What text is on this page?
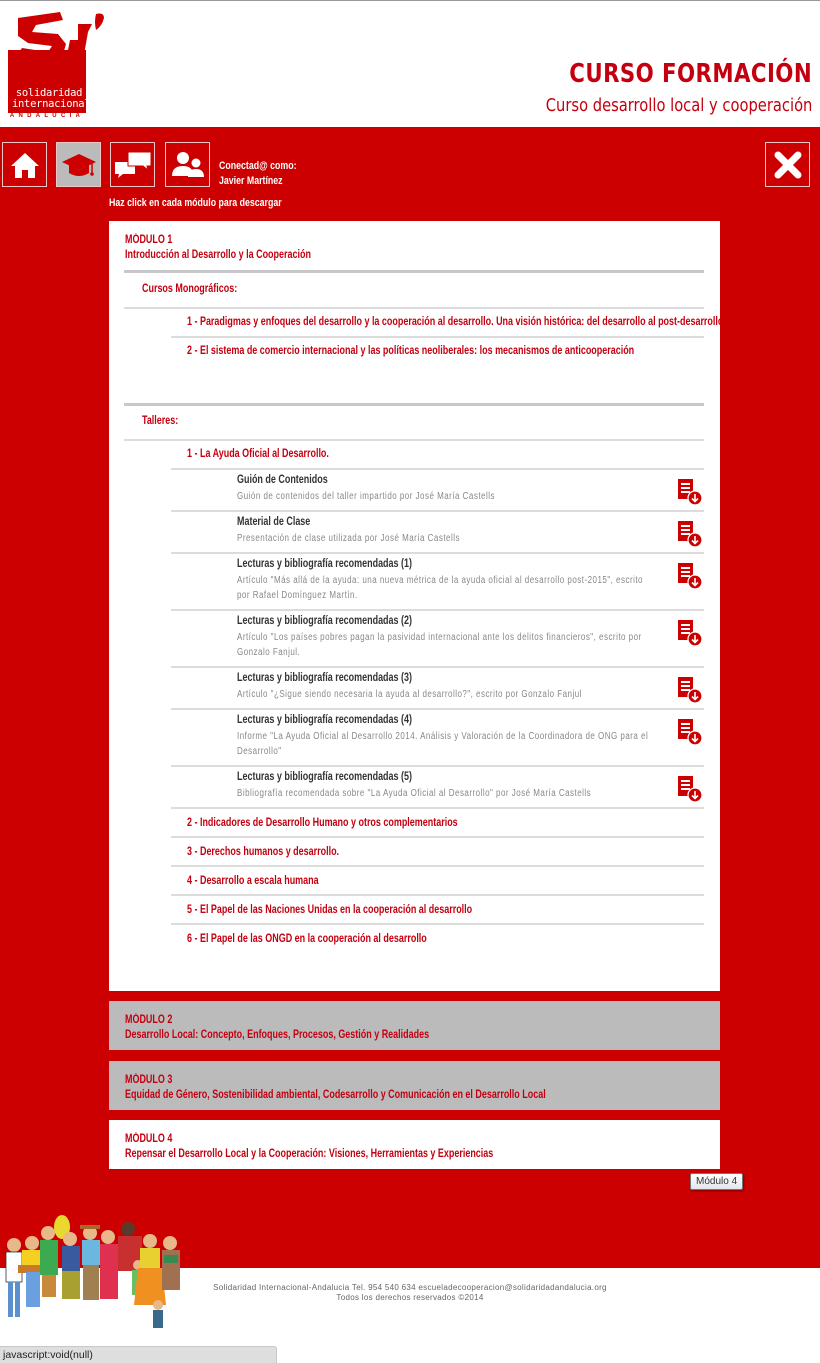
solidaridad
internacional
ANDALUCÍA
CURSO FORMACIÓN
Curso desarrollo local y cooperación
Conectad@ como:
Javier Martínez
Haz click en cada módulo para descargar
MÓDULO 1
Introducción al Desarrollo y la Cooperación
Cursos Monográficos:
1 - Paradigmas y enfoques del desarrollo y la cooperación al desarrollo. Una visión histórica: del desarrollo al post-desarrollo
2 - El sistema de comercio internacional y las políticas neoliberales: los mecanismos de anticooperación
Talleres:
1 - La Ayuda Oficial al Desarrollo.
Guión de Contenidos
Guión de contenidos del taller impartido por José María Castells
Material de Clase
Presentación de clase utilizada por José María Castells
Lecturas y bibliografía recomendadas (1)
Artículo "Más allá de la ayuda: una nueva métrica de la ayuda oficial al desarrollo post-2015", escrito por Rafael Domínguez Martín.
Lecturas y bibliografía recomendadas (2)
Artículo "Los países pobres pagan la pasividad internacional ante los delitos financieros", escrito por Gonzalo Fanjul.
Lecturas y bibliografía recomendadas (3)
Artículo "¿Sigue siendo necesaria la ayuda al desarrollo?", escrito por Gonzalo Fanjul
Lecturas y bibliografía recomendadas (4)
Informe "La Ayuda Oficial al Desarrollo 2014. Análisis y Valoración de la Coordinadora de ONG para el Desarrollo"
Lecturas y bibliografía recomendadas (5)
Bibliografía recomendada sobre "La Ayuda Oficial al Desarrollo" por José María Castells
2 - Indicadores de Desarrollo Humano y otros complementarios
3 - Derechos humanos y desarrollo.
4 - Desarrollo a escala humana
5 - El Papel de las Naciones Unidas en la cooperación al desarrollo
6 - El Papel de las ONGD en la cooperación al desarrollo
MÓDULO 2
Desarrollo Local: Concepto, Enfoques, Procesos, Gestión y Realidades
MÓDULO 3
Equidad de Género, Sostenibilidad ambiental, Codesarrollo y Comunicación en el Desarrollo Local
MÓDULO 4
Repensar el Desarrollo Local y la Cooperación: Visiones, Herramientas y Experiencias
Módulo 4
Solidaridad Internacional-Andalucia Tel. 954 540 634 escueladecooperacion@solidaridadandalucia.org
Todos los derechos reservados ©2014
javascript:void(null)
